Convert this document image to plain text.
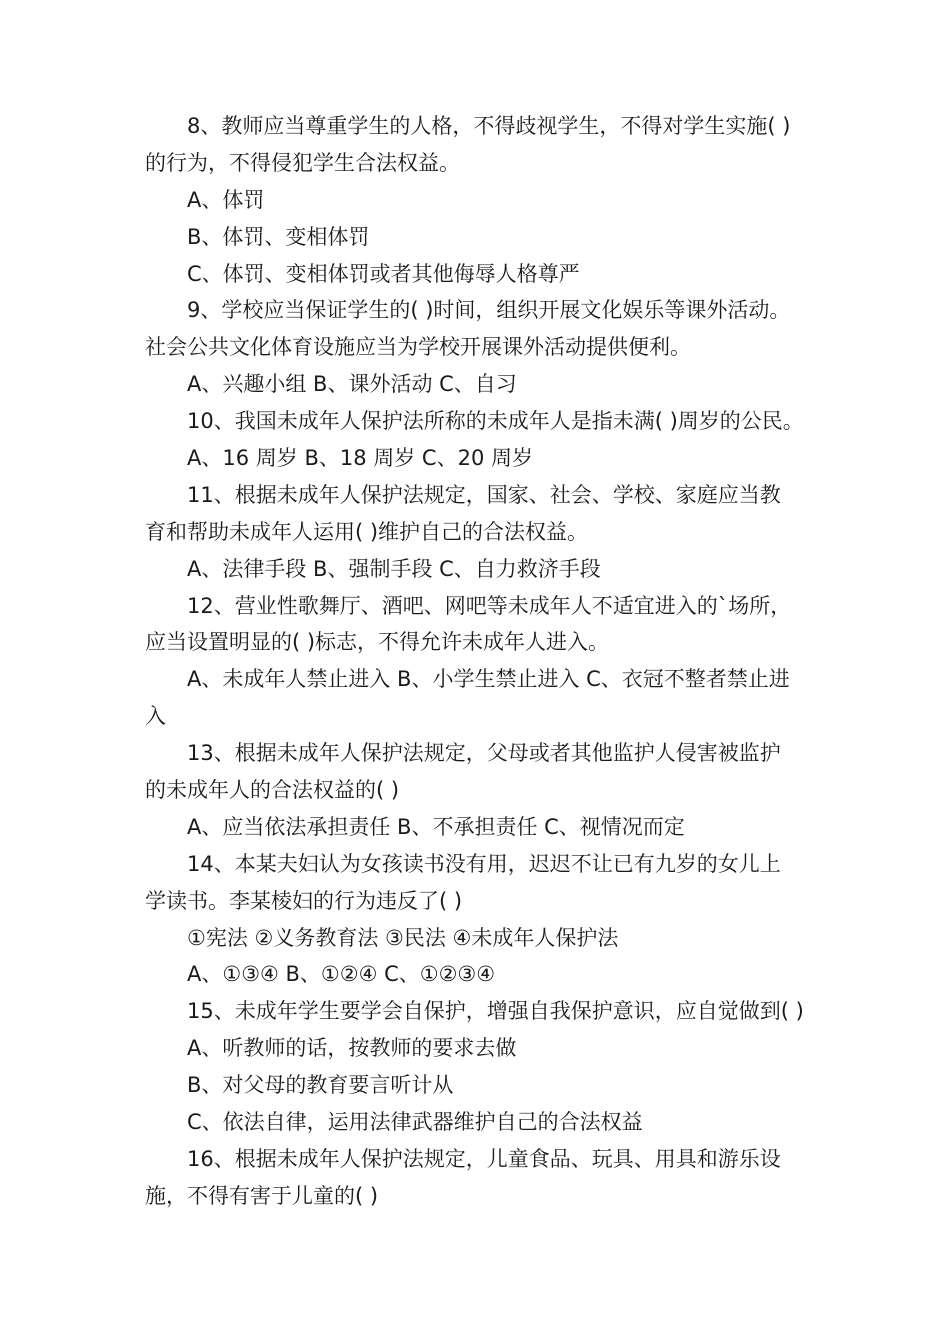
8、教师应当尊重学生的人格，不得歧视学生，不得对学生实施( )
的行为，不得侵犯学生合法权益。
A、体罚
B、体罚、变相体罚
C、体罚、变相体罚或者其他侮辱人格尊严
9、学校应当保证学生的( )时间，组织开展文化娱乐等课外活动。
社会公共文化体育设施应当为学校开展课外活动提供便利。
A、兴趣小组 B、课外活动 C、自习
10、我国未成年人保护法所称的未成年人是指未满( )周岁的公民。
A、16 周岁 B、18 周岁 C、20 周岁
11、根据未成年人保护法规定，国家、社会、学校、家庭应当教
育和帮助未成年人运用( )维护自己的合法权益。
A、法律手段 B、强制手段 C、自力救济手段
12、营业性歌舞厅、酒吧、网吧等未成年人不适宜进入的`场所，
应当设置明显的( )标志，不得允许未成年人进入。
A、未成年人禁止进入 B、小学生禁止进入 C、衣冠不整者禁止进
入
13、根据未成年人保护法规定，父母或者其他监护人侵害被监护
的未成年人的合法权益的( )
A、应当依法承担责任 B、不承担责任 C、视情况而定
14、本某夫妇认为女孩读书没有用，迟迟不让已有九岁的女儿上
学读书。李某棱妇的行为违反了( )
①宪法 ②义务教育法 ③民法 ④未成年人保护法
A、①③④ B、①②④ C、①②③④
15、未成年学生要学会自保护，增强自我保护意识，应自觉做到( )
A、听教师的话，按教师的要求去做
B、对父母的教育要言听计从
C、依法自律，运用法律武器维护自己的合法权益
16、根据未成年人保护法规定，儿童食品、玩具、用具和游乐设
施，不得有害于儿童的( )
